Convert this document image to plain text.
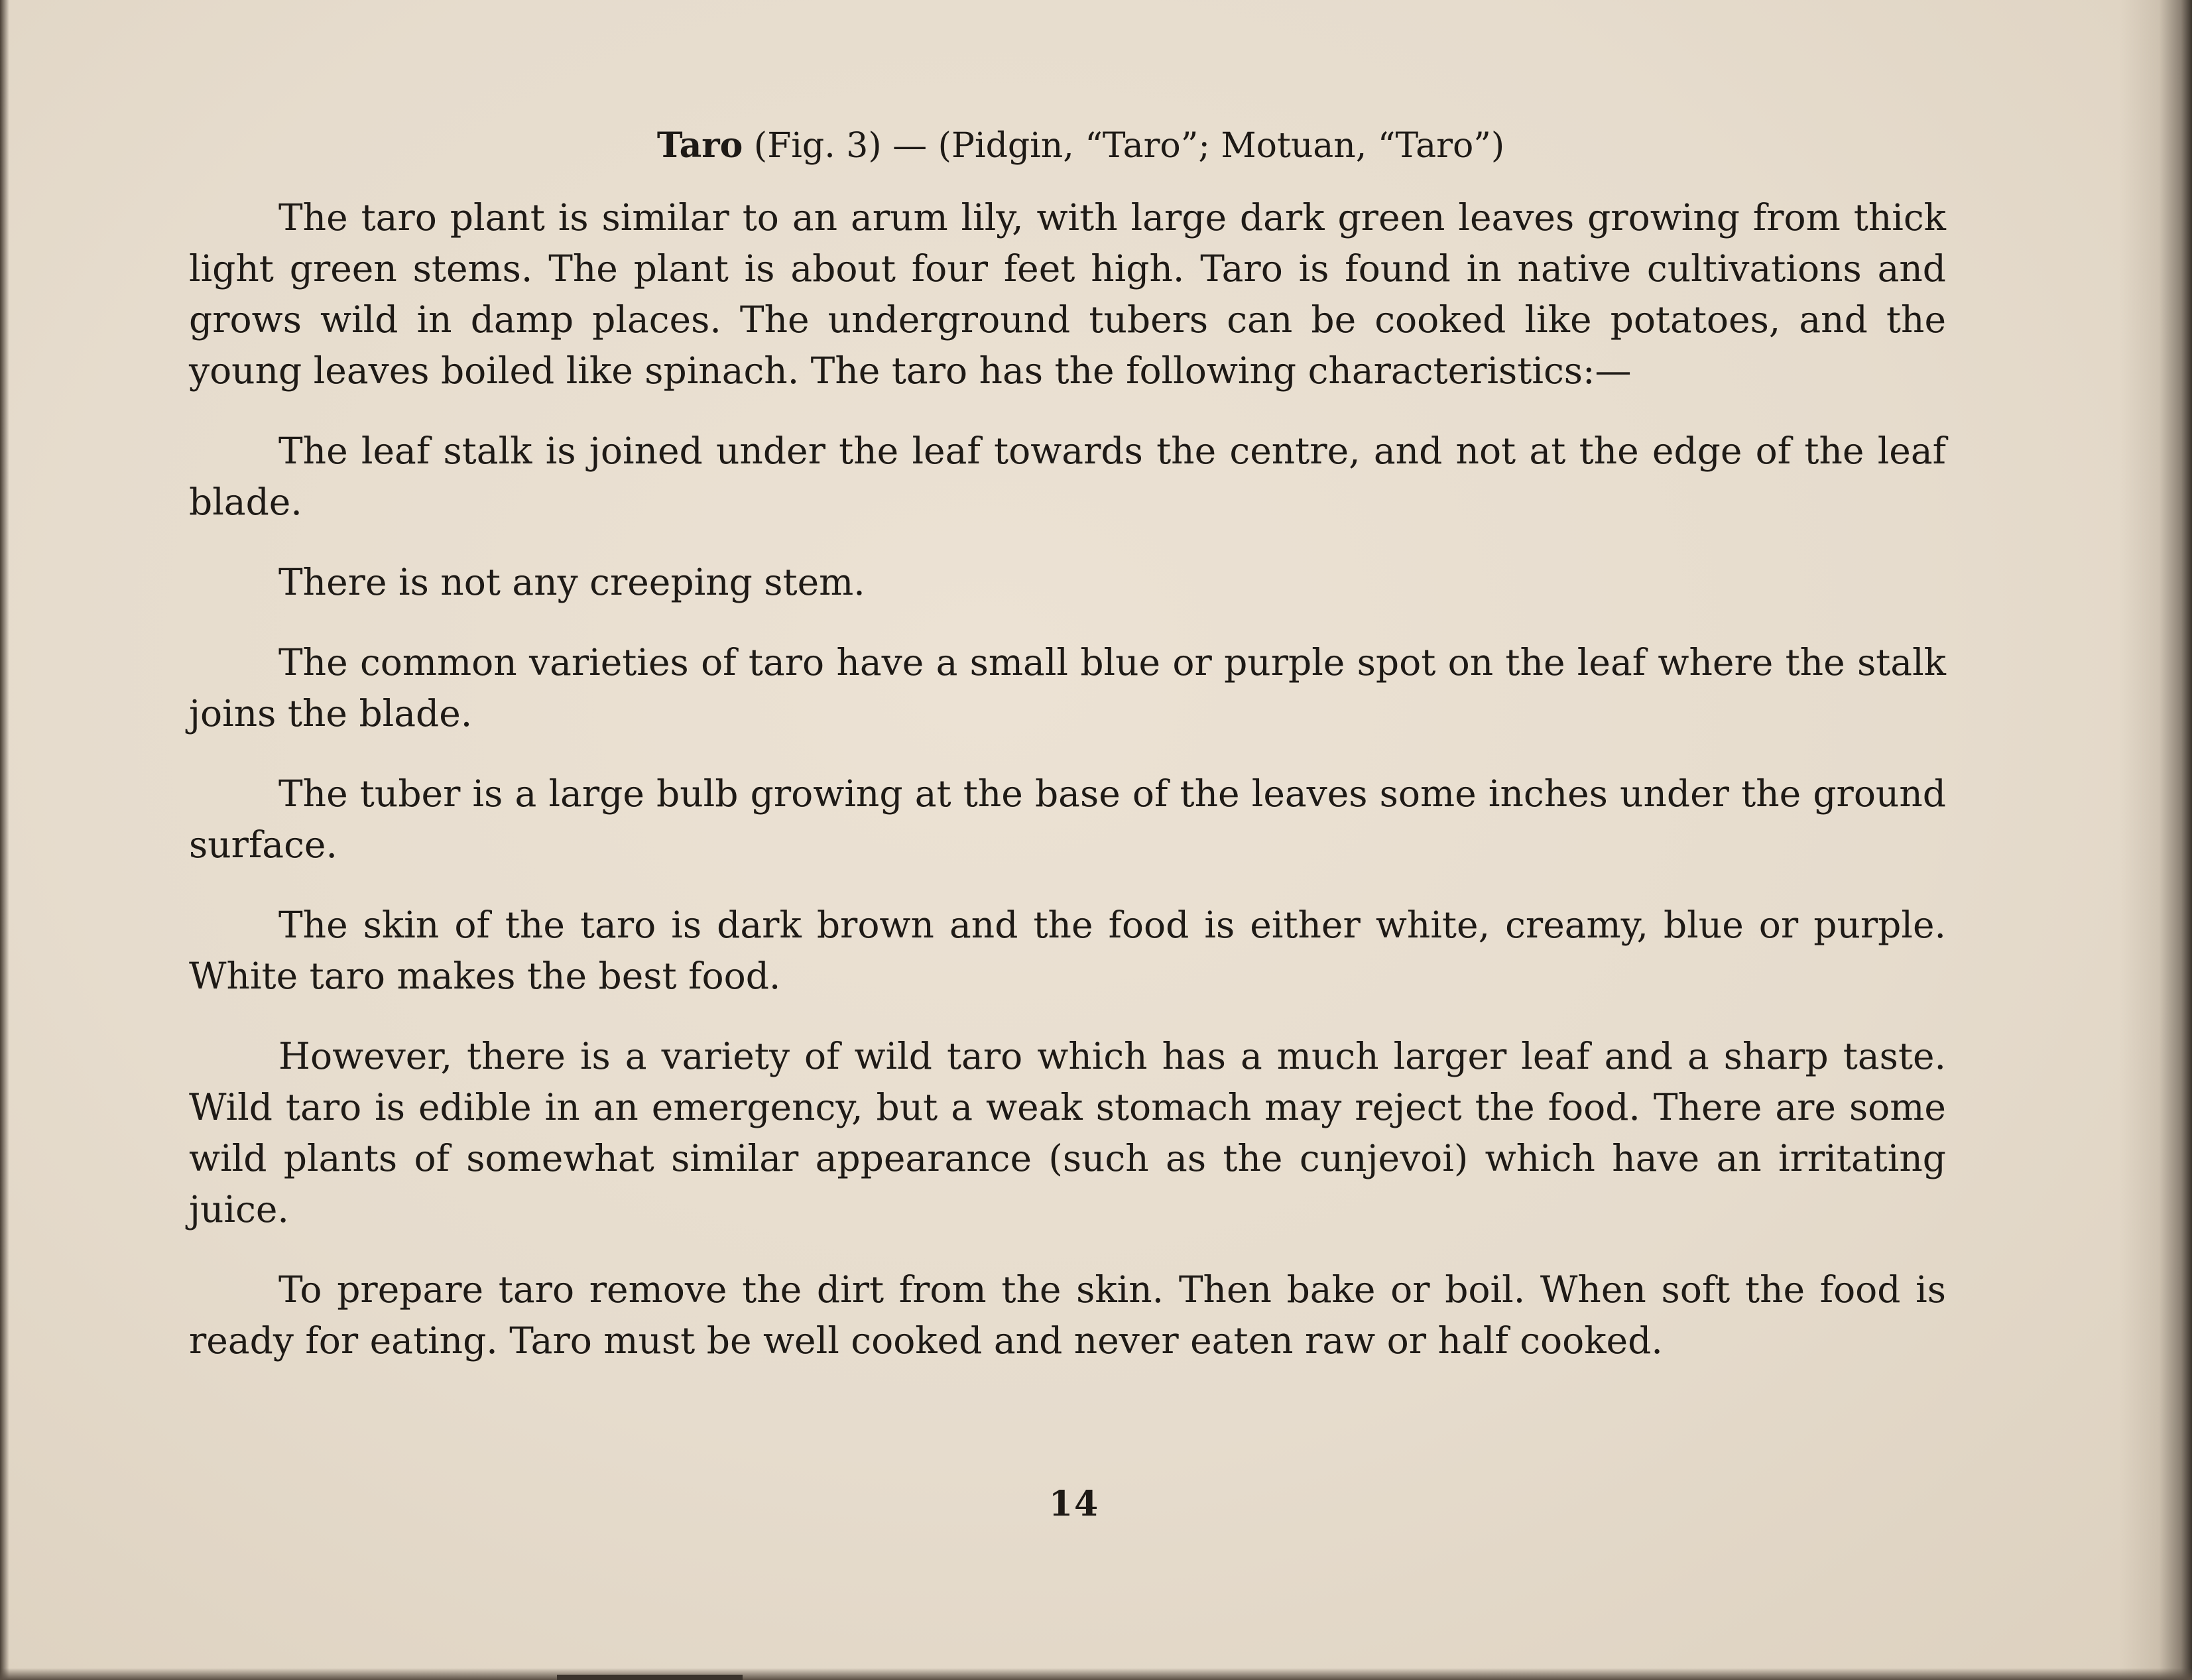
Taro (Fig. 3) — (Pidgin, “Taro”; Motuan, “Taro”)

The taro plant is similar to an arum lily, with large dark green leaves growing from thick light green stems. The plant is about four feet high. Taro is found in native cultivations and grows wild in damp places. The underground tubers can be cooked like potatoes, and the young leaves boiled like spinach. The taro has the following characteristics:—

The leaf stalk is joined under the leaf towards the centre, and not at the edge of the leaf blade.

There is not any creeping stem.

The common varieties of taro have a small blue or purple spot on the leaf where the stalk joins the blade.

The tuber is a large bulb growing at the base of the leaves some inches under the ground surface.

The skin of the taro is dark brown and the food is either white, creamy, blue or purple. White taro makes the best food.

However, there is a variety of wild taro which has a much larger leaf and a sharp taste. Wild taro is edible in an emergency, but a weak stomach may reject the food. There are some wild plants of somewhat similar appearance (such as the cunjevoi) which have an irritating juice.

To prepare taro remove the dirt from the skin. Then bake or boil. When soft the food is ready for eating. Taro must be well cooked and never eaten raw or half cooked.

14
